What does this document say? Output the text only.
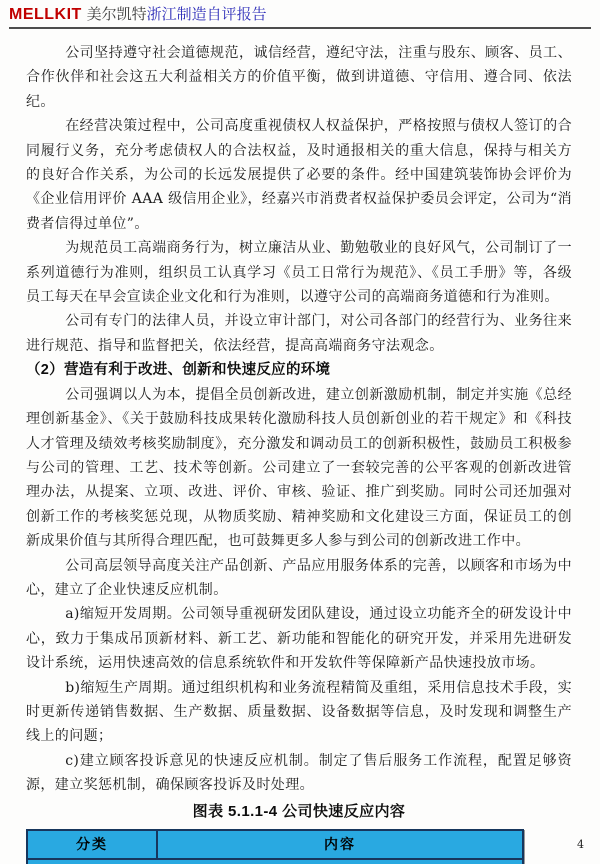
MELLKIT 美尔凯特浙江制造自评报告

公司坚持遵守社会道德规范，诚信经营，遵纪守法，注重与股东、顾客、员工、合作伙伴和社会这五大利益相关方的价值平衡，做到讲道德、守信用、遵合同、依法纪。

在经营决策过程中，公司高度重视债权人权益保护，严格按照与债权人签订的合同履行义务，充分考虑债权人的合法权益，及时通报相关的重大信息，保持与相关方的良好合作关系，为公司的长远发展提供了必要的条件。经中国建筑装饰协会评价为《企业信用评价 AAA 级信用企业》，经嘉兴市消费者权益保护委员会评定，公司为“消费者信得过单位”。

为规范员工高端商务行为，树立廉洁从业、勤勉敬业的良好风气，公司制订了一系列道德行为准则，组织员工认真学习《员工日常行为规范》、《员工手册》等，各级员工每天在早会宣读企业文化和行为准则，以遵守公司的高端商务道德和行为准则。

公司有专门的法律人员，并设立审计部门，对公司各部门的经营行为、业务往来进行规范、指导和监督把关，依法经营，提高高端商务守法观念。

（2）营造有利于改进、创新和快速反应的环境

公司强调以人为本，提倡全员创新改进，建立创新激励机制，制定并实施《总经理创新基金》、《关于鼓励科技成果转化激励科技人员创新创业的若干规定》和《科技人才管理及绩效考核奖励制度》，充分激发和调动员工的创新积极性，鼓励员工积极参与公司的管理、工艺、技术等创新。公司建立了一套较完善的公平客观的创新改进管理办法，从提案、立项、改进、评价、审核、验证、推广到奖励。同时公司还加强对创新工作的考核奖惩兑现，从物质奖励、精神奖励和文化建设三方面，保证员工的创新成果价值与其所得合理匹配，也可鼓舞更多人参与到公司的创新改进工作中。

公司高层领导高度关注产品创新、产品应用服务体系的完善，以顾客和市场为中心，建立了企业快速反应机制。

a)缩短开发周期。公司领导重视研发团队建设，通过设立功能齐全的研发设计中心，致力于集成吊顶新材料、新工艺、新功能和智能化的研究开发，并采用先进研发设计系统，运用快速高效的信息系统软件和开发软件等保障新产品快速投放市场。

b)缩短生产周期。通过组织机构和业务流程精简及重组，采用信息技术手段，实时更新传递销售数据、生产数据、质量数据、设备数据等信息，及时发现和调整生产线上的问题；

c)建立顾客投诉意见的快速反应机制。制定了售后服务工作流程，配置足够资源，建立奖惩机制，确保顾客投诉及时处理。

图表 5.1.1-4 公司快速反应内容
分类	内容	4
